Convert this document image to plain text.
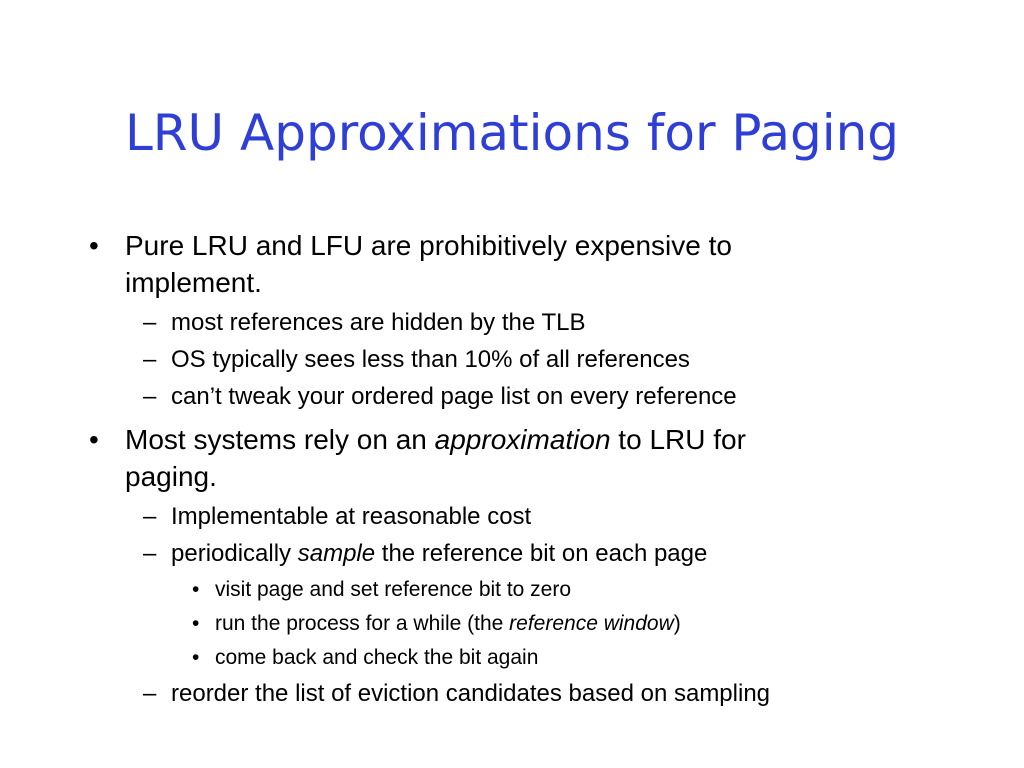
LRU Approximations for Paging
• Pure LRU and LFU are prohibitively expensive to
implement.
– most references are hidden by the TLB
– OS typically sees less than 10% of all references
– can’t tweak your ordered page list on every reference
• Most systems rely on an approximation to LRU for
paging.
– Implementable at reasonable cost
– periodically sample the reference bit on each page
• visit page and set reference bit to zero
• run the process for a while (the reference window)
• come back and check the bit again
– reorder the list of eviction candidates based on sampling
